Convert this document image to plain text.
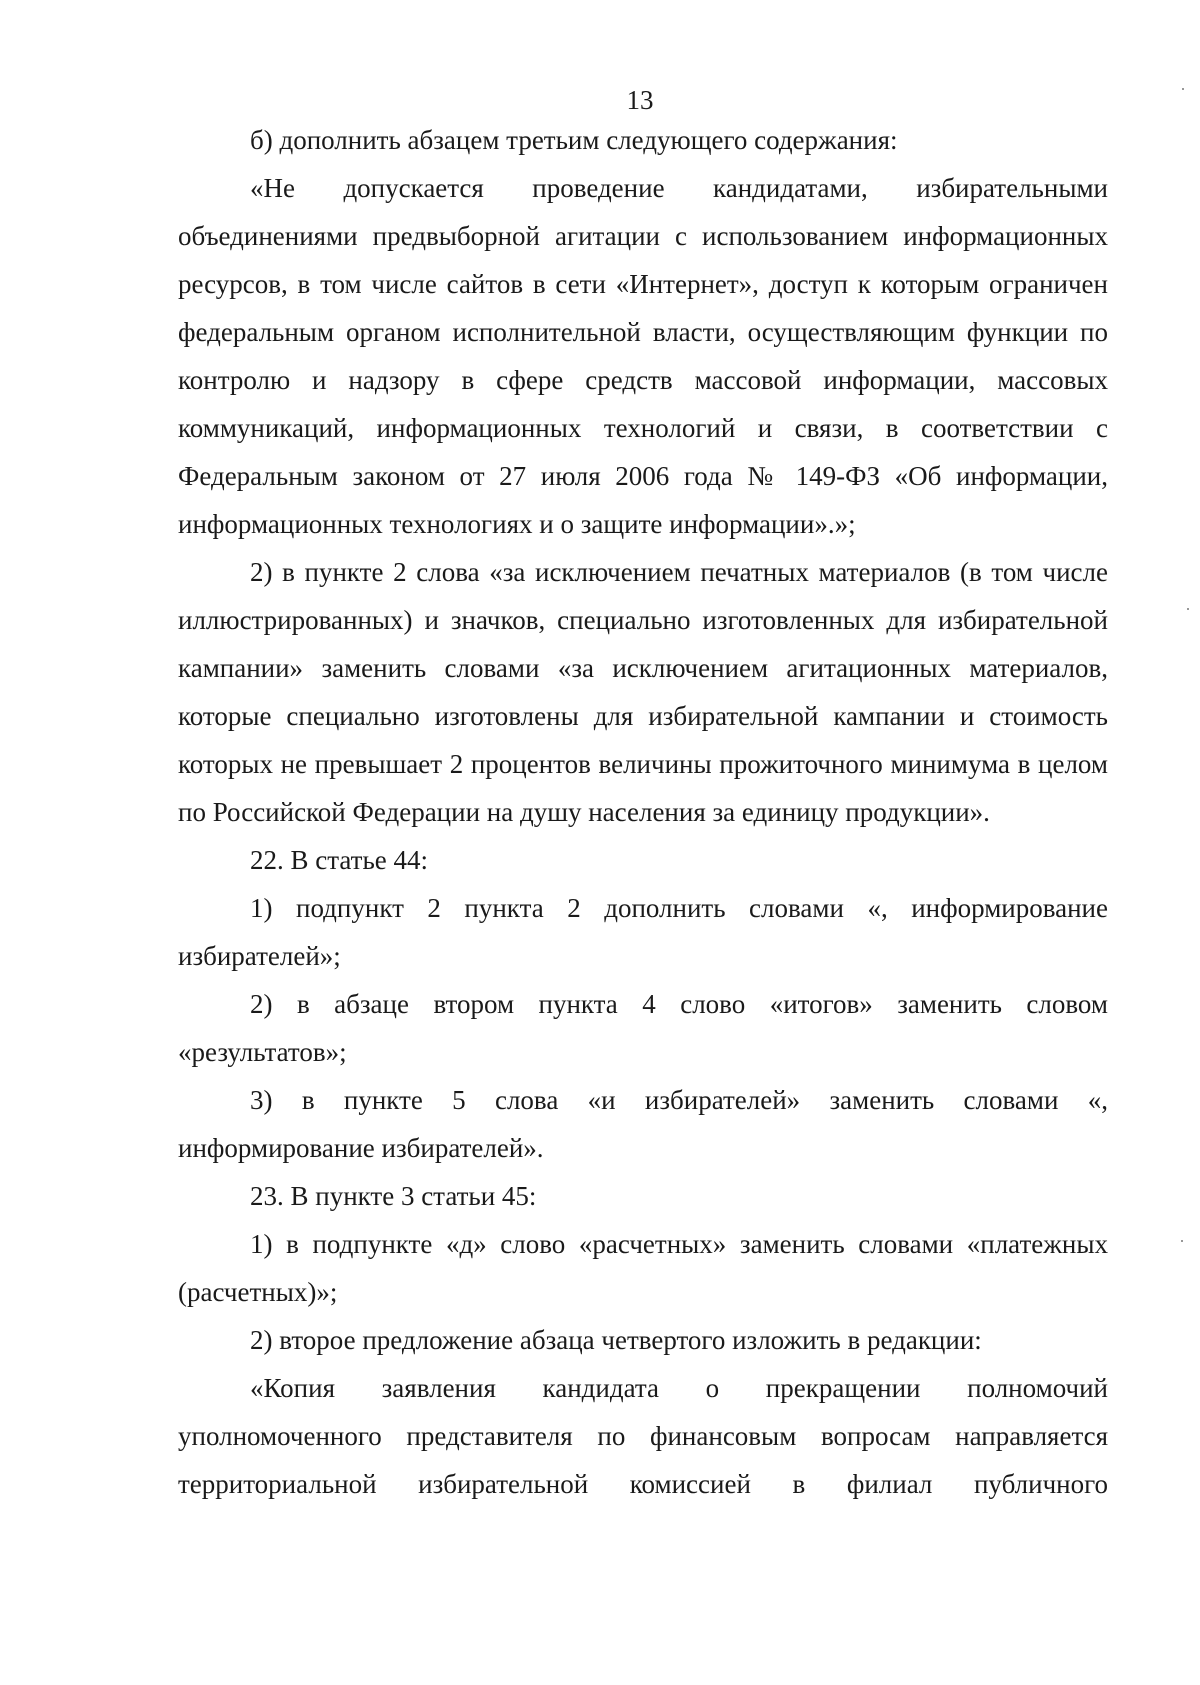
13

б) дополнить абзацем третьим следующего содержания:

«Не допускается проведение кандидатами, избирательными объединениями предвыборной агитации с использованием информационных ресурсов, в том числе сайтов в сети «Интернет», доступ к которым ограничен федеральным органом исполнительной власти, осуществляющим функции по контролю и надзору в сфере средств массовой информации, массовых коммуникаций, информационных технологий и связи, в соответствии с Федеральным законом от 27 июля 2006 года № 149-ФЗ «Об информации, информационных технологиях и о защите информации».»;

2) в пункте 2 слова «за исключением печатных материалов (в том числе иллюстрированных) и значков, специально изготовленных для избирательной кампании» заменить словами «за исключением агитационных материалов, которые специально изготовлены для избирательной кампании и стоимость которых не превышает 2 процентов величины прожиточного минимума в целом по Российской Федерации на душу населения за единицу продукции».

22. В статье 44:

1) подпункт 2 пункта 2 дополнить словами «, информирование избирателей»;

2) в абзаце втором пункта 4 слово «итогов» заменить словом «результатов»;

3) в пункте 5 слова «и избирателей» заменить словами «, информирование избирателей».

23. В пункте 3 статьи 45:

1) в подпункте «д» слово «расчетных» заменить словами «платежных (расчетных)»;

2) второе предложение абзаца четвертого изложить в редакции:

«Копия заявления кандидата о прекращении полномочий уполномоченного представителя по финансовым вопросам направляется территориальной избирательной комиссией в филиал публичного
